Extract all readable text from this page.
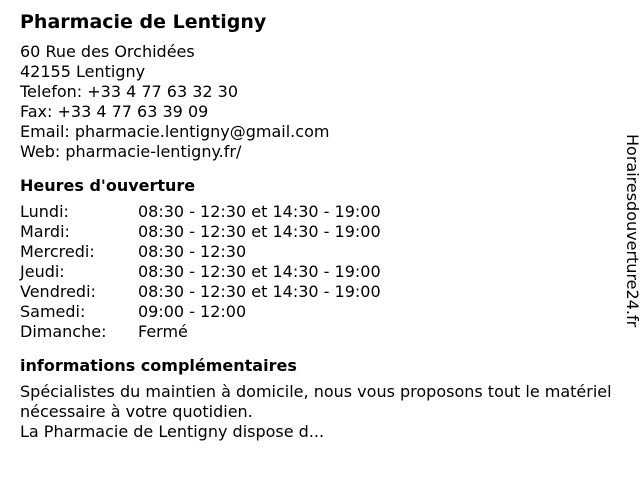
Pharmacie de Lentigny
60 Rue des Orchidées
42155 Lentigny
Telefon: +33 4 77 63 32 30
Fax: +33 4 77 63 39 09
Email: pharmacie.lentigny@gmail.com
Web: pharmacie-lentigny.fr/
Heures d'ouverture
Lundi:	08:30 - 12:30 et 14:30 - 19:00
Mardi:	08:30 - 12:30 et 14:30 - 19:00
Mercredi:	08:30 - 12:30
Jeudi:	08:30 - 12:30 et 14:30 - 19:00
Vendredi:	08:30 - 12:30 et 14:30 - 19:00
Samedi:	09:00 - 12:00
Dimanche:	Fermé
informations complémentaires
Spécialistes du maintien à domicile, nous vous proposons tout le matériel nécessaire à votre quotidien.
La Pharmacie de Lentigny dispose d...
Horairesdouverture24.fr
